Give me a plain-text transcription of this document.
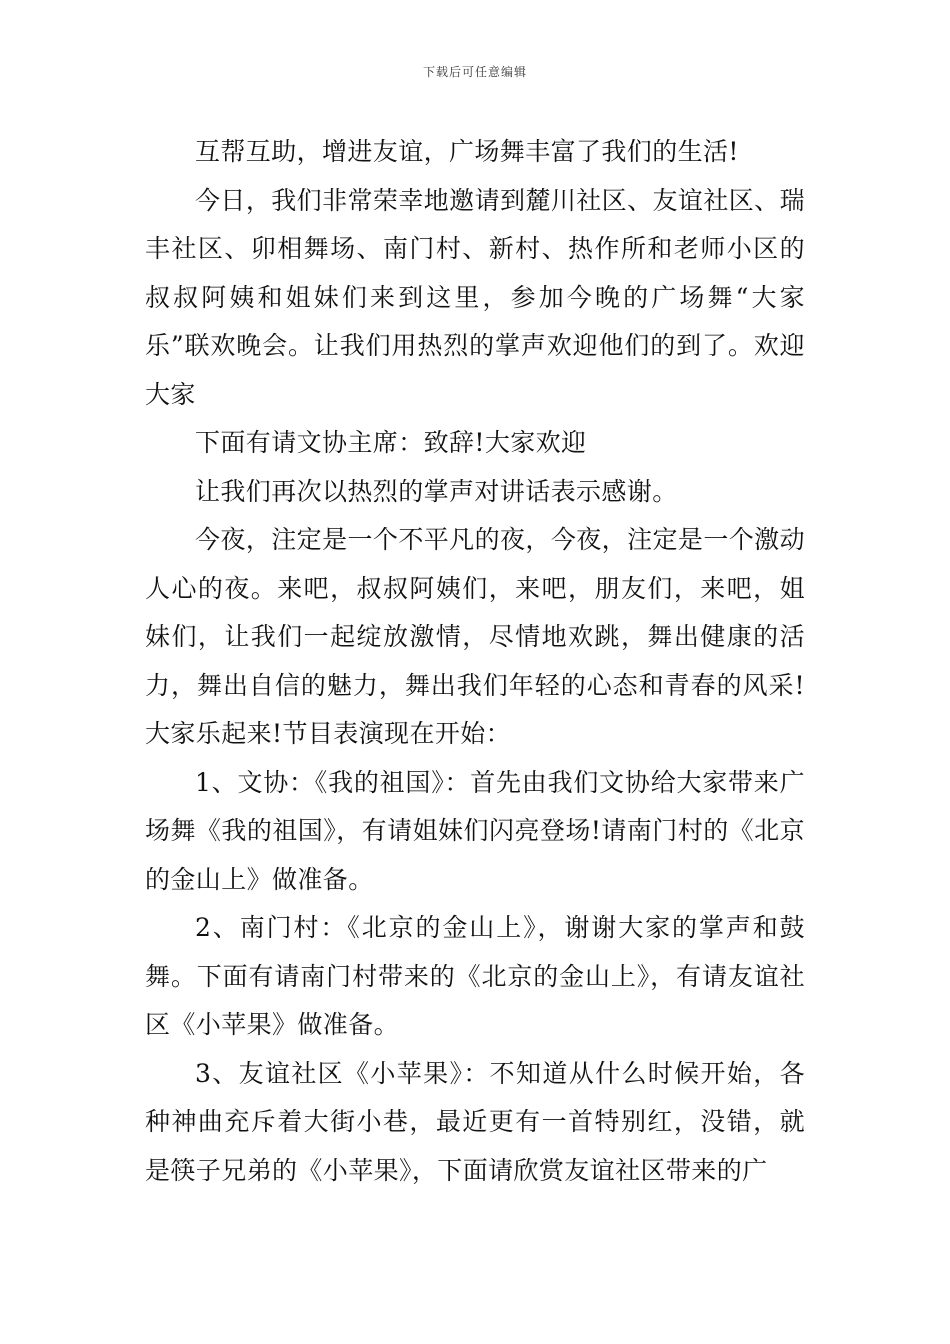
下载后可任意编辑

互帮互助，增进友谊，广场舞丰富了我们的生活!

今日，我们非常荣幸地邀请到麓川社区、友谊社区、瑞丰社区、卯相舞场、南门村、新村、热作所和老师小区的叔叔阿姨和姐妹们来到这里，参加今晚的广场舞“大家乐”联欢晚会。让我们用热烈的掌声欢迎他们的到了。欢迎大家

下面有请文协主席：致辞!大家欢迎

让我们再次以热烈的掌声对讲话表示感谢。

今夜，注定是一个不平凡的夜，今夜，注定是一个激动人心的夜。来吧，叔叔阿姨们，来吧，朋友们，来吧，姐妹们，让我们一起绽放激情，尽情地欢跳，舞出健康的活力，舞出自信的魅力，舞出我们年轻的心态和青春的风采!大家乐起来!节目表演现在开始：

1、文协：《我的祖国》：首先由我们文协给大家带来广场舞《我的祖国》，有请姐妹们闪亮登场!请南门村的《北京的金山上》做准备。

2、南门村：《北京的金山上》，谢谢大家的掌声和鼓舞。下面有请南门村带来的《北京的金山上》，有请友谊社区《小苹果》做准备。

3、友谊社区《小苹果》：不知道从什么时候开始，各种神曲充斥着大街小巷，最近更有一首特别红，没错，就是筷子兄弟的《小苹果》，下面请欣赏友谊社区带来的广
